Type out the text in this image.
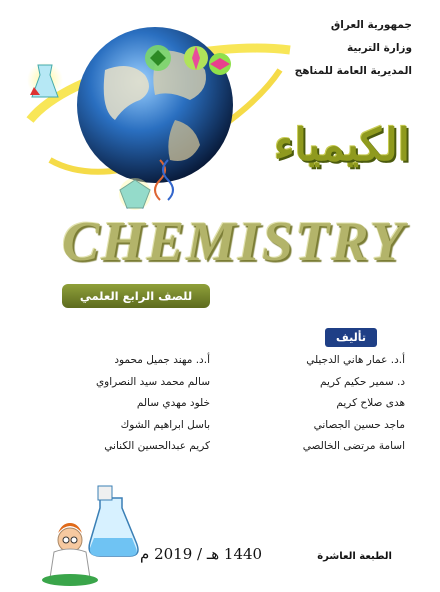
جمهورية العراق
وزارة التربية
المديرية العامة للمناهج
الكيمياء
CHEMISTRY
للصف الرابع العلمي
تأليف
أ.د. عمار هاني الدجيلي
د. سمير حكيم كريم
هدى صلاح كريم
ماجد حسين الجصاني
اسامة مرتضى الخالصي
أ.د. مهند جميل محمود
سالم محمد سيد النصراوي
خلود مهدي سالم
باسل ابراهيم الشوك
كريم عبدالحسين الكناني
الطبعة العاشرة
1440 هـ / 2019 م
